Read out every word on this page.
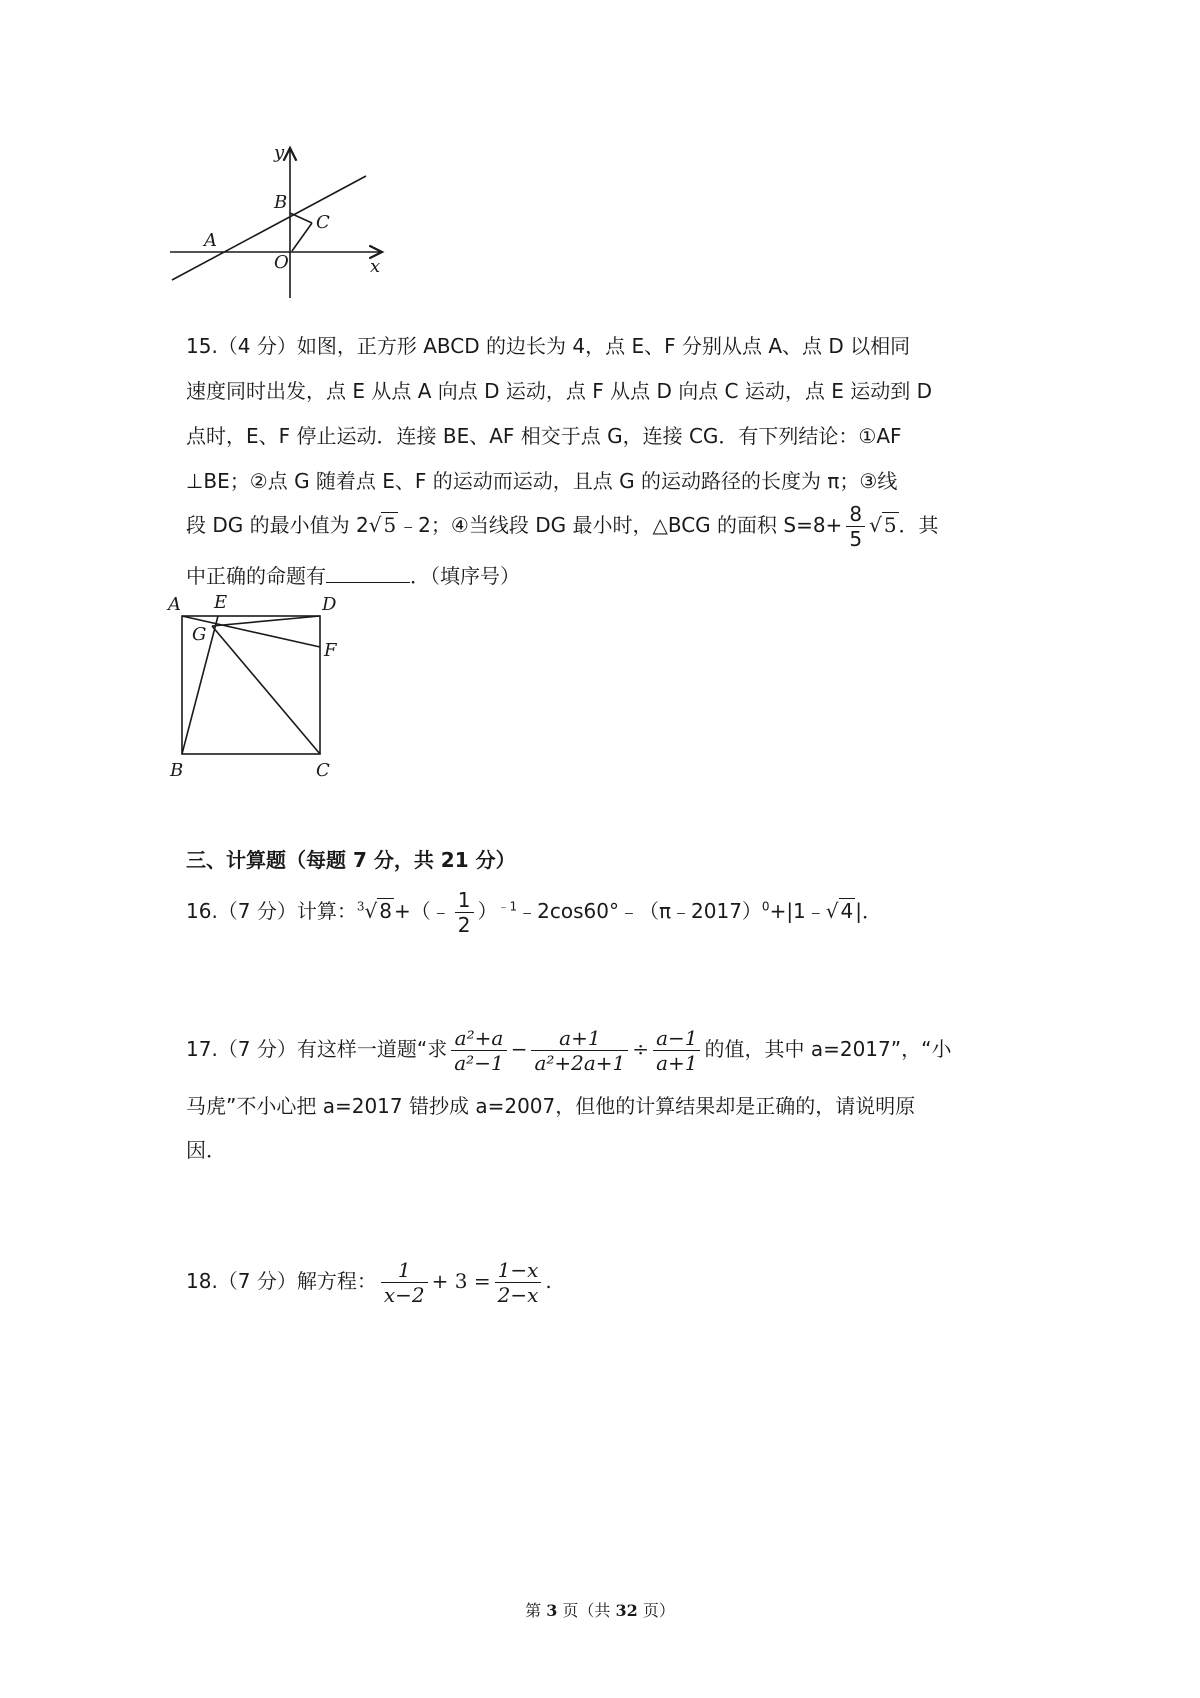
y
x
B
C
A
O
15.（4 分）如图，正方形 ABCD 的边长为 4，点 E、F 分别从点 A、点 D 以相同
速度同时出发，点 E 从点 A 向点 D 运动，点 F 从点 D 向点 C 运动，点 E 运动到 D
点时，E、F 停止运动．连接 BE、AF 相交于点 G，连接 CG．有下列结论：①AF
⊥BE；②点 G 随着点 E、F 的运动而运动，且点 G 的运动路径的长度为 π；③线
段 DG 的最小值为 2√ 5 ﹣2；④当线段 DG 最小时，△BCG 的面积 $S=8+ \frac{8}{5}$ √ 5 ．其
中正确的命题有	．（填序号）
A E	D
G
F
B	C
三、计算题（每题 7 分，共 21 分）
16.（7 分）计算：$^3$√ 8 +（﹣ $\frac{1}{2}$ ）$^{﹣1}$﹣2cos60°﹣（π﹣2017）$^0$+|1﹣√ 4 |．
17.（7 分）有这样一道题“求 $\frac{\text{a²+a}}{\text{a²−1}} - \frac{a+1}{\text{a²+2a+1}} \div \frac{a-1}{a+1}$ 的值，其中 a=2017”，“小
马虎”不小心把 a=2017 错抄成 a=2007，但他的计算结果却是正确的，请说明原
因．
18.（7 分）解方程： $\frac{1}{x-2} + 3 = \frac{1-x}{2-x}$ .
第 3 页（共 32 页）
